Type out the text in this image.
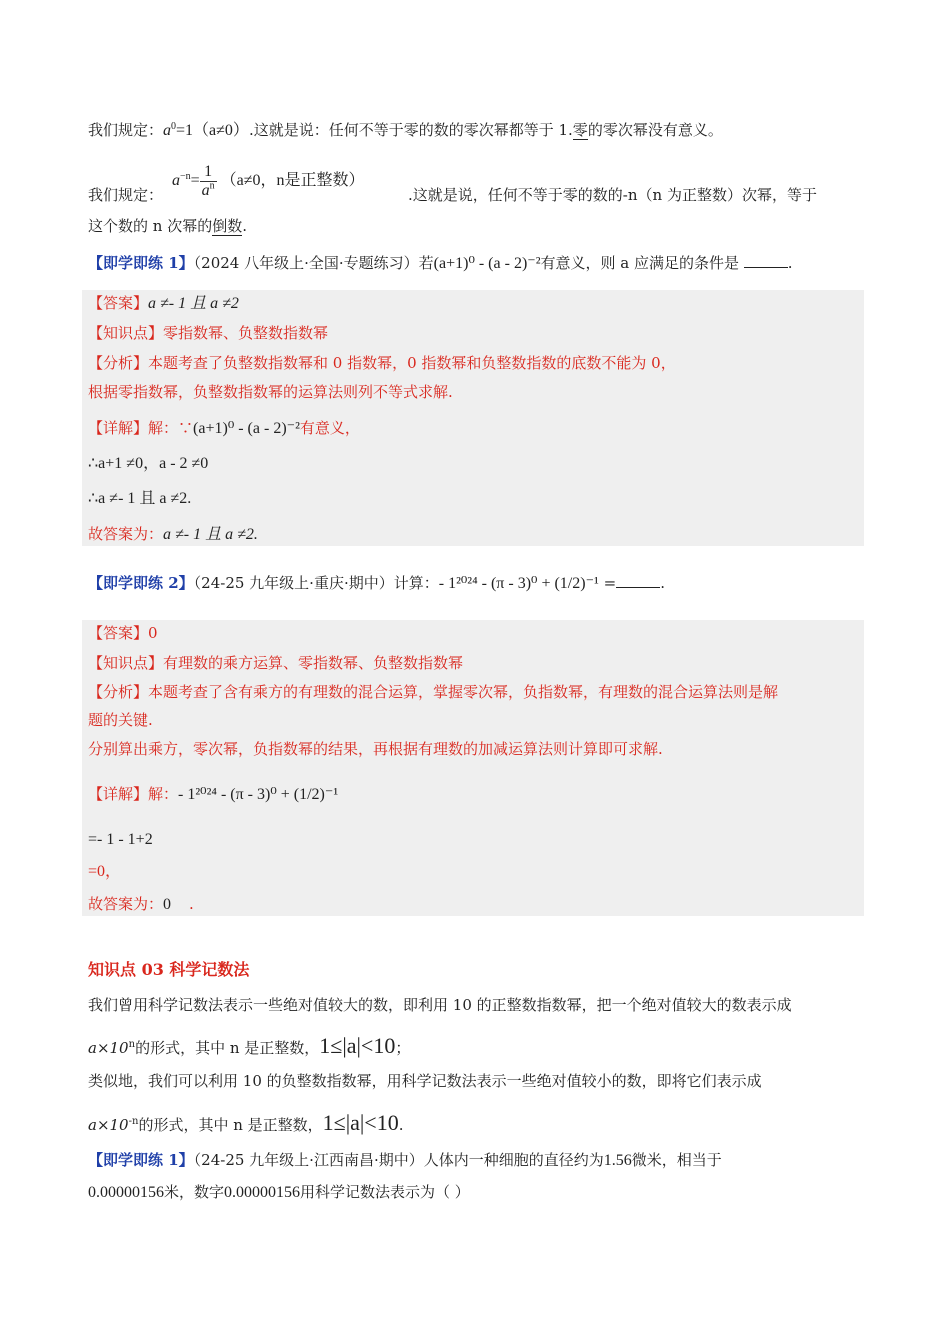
我们规定：$a^0=1(a\ne 0)$.这就是说：任何不等于零的数的零次幂都等于 1.零的零次幂没有意义。
$a^{-n}= \frac{1}{a^n} (a\ne 0$，n是正整数）
我们规定：	.这就是说，任何不等于零的数的-n（n 为正整数）次幂，等于
这个数的 n 次幂的倒数.
【即学即练 1】（2024 八年级上·全国·专题练习）若(a+1)⁰ - (a - 2)⁻²有意义，则 a 应满足的条件是	.
【答案】a ≠- 1 且 a ≠2
【知识点】零指数幂、负整数指数幂
【分析】本题考查了负整数指数幂和 0 指数幂，0 指数幂和负整数指数的底数不能为 0，
根据零指数幂，负整数指数幂的运算法则列不等式求解.
【详解】解：∵(a+1)⁰ - (a - 2)⁻²有意义，
∴a+1 ≠0，a - 2 ≠0
∴a ≠- 1 且 a ≠2.
故答案为：a ≠- 1 且 a ≠2.
【即学即练 2】（24-25 九年级上·重庆·期中）计算：- 1²⁰²⁴ - (π - 3)⁰ + (1/2)⁻¹ =	.
【答案】0
【知识点】有理数的乘方运算、零指数幂、负整数指数幂
【分析】本题考查了含有乘方的有理数的混合运算，掌握零次幂，负指数幂，有理数的混合运算法则是解
题的关键.
分别算出乘方，零次幂，负指数幂的结果，再根据有理数的加减运算法则计算即可求解.
【详解】解：- 1²⁰²⁴ - (π - 3)⁰ + (1/2)⁻¹
=- 1 - 1+2
=0，
故答案为：0 .
知识点 03 科学记数法
我们曾用科学记数法表示一些绝对值较大的数，即利用 10 的正整数指数幂，把一个绝对值较大的数表示成
$a\times 10^n$的形式，其中 n 是正整数，1≤|a|<10；
类似地，我们可以利用 10 的负整数指数幂，用科学记数法表示一些绝对值较小的数，即将它们表示成
$a\times 10^{-n}$的形式，其中 n 是正整数，1≤|a|<10.
【即学即练 1】（24-25 九年级上·江西南昌·期中）人体内一种细胞的直径约为1.56微米，相当于
0.00000156米，数字0.00000156用科学记数法表示为（ ）
